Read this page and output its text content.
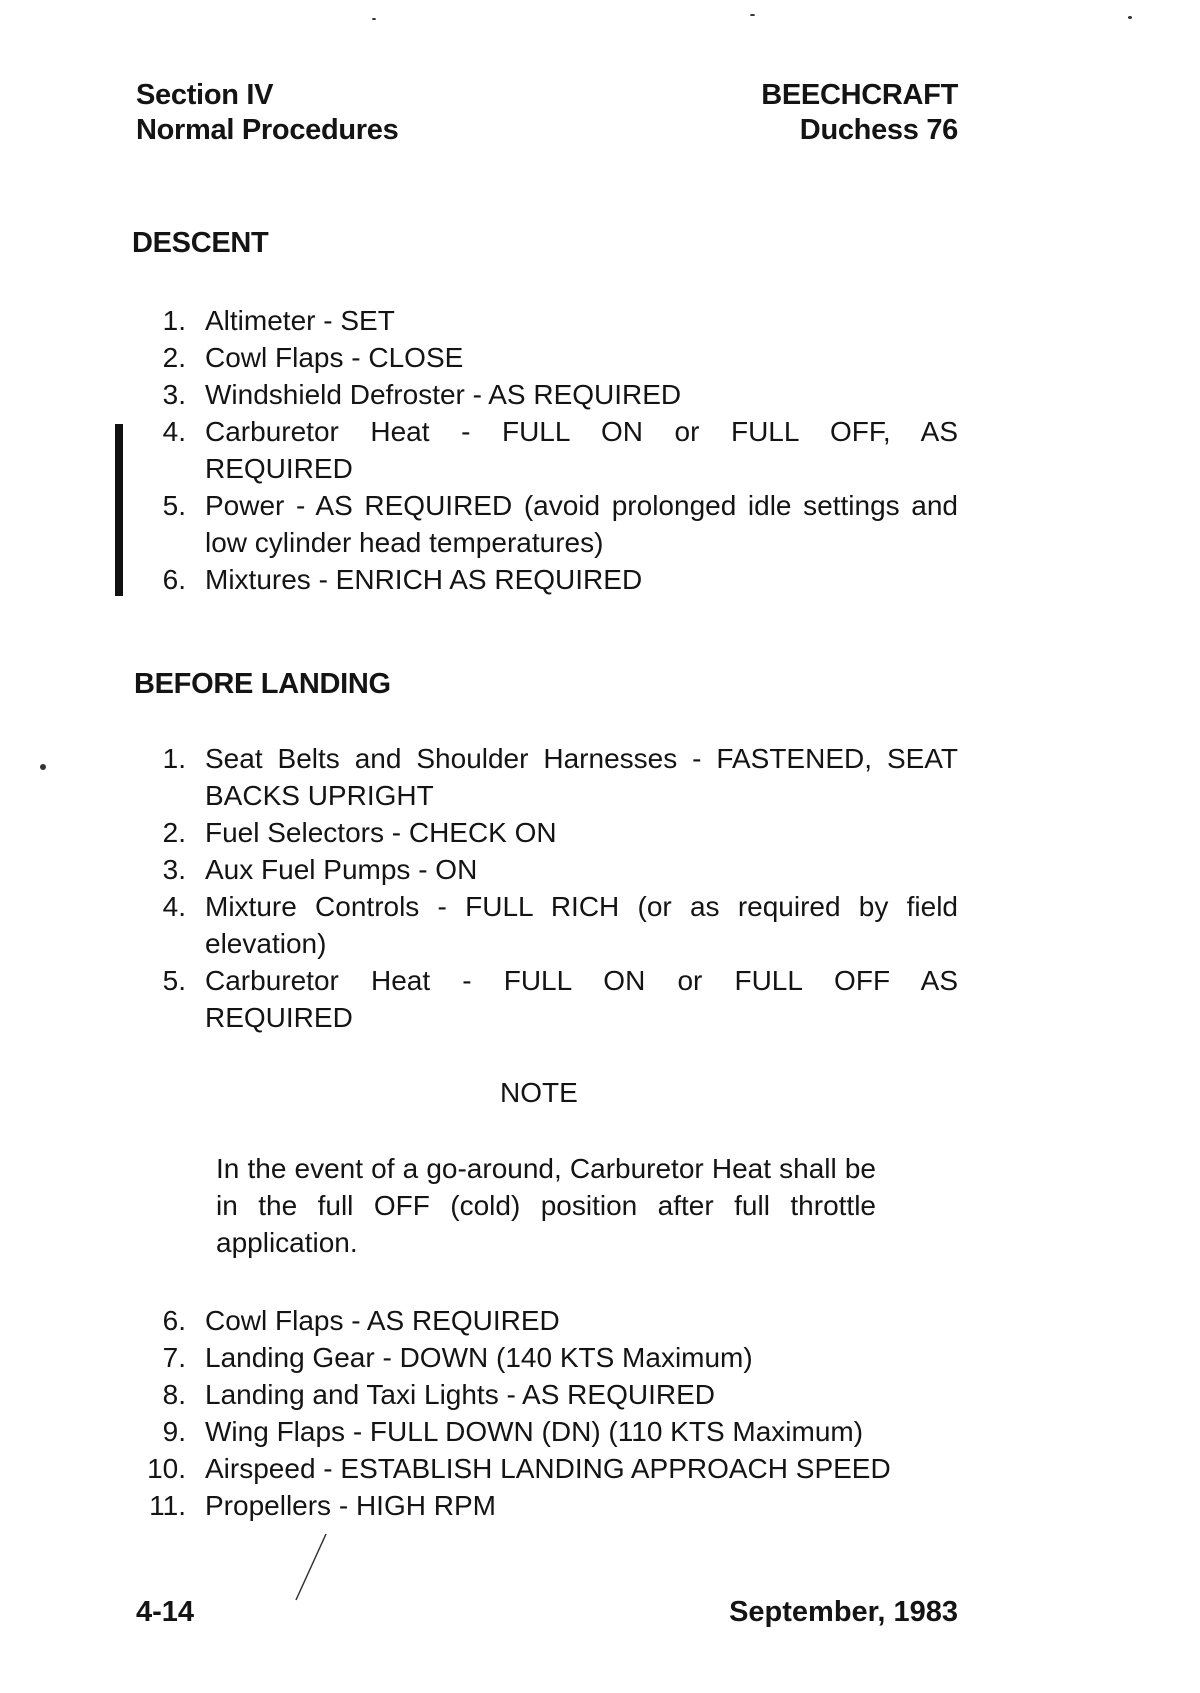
Section IV
Normal Procedures
BEECHCRAFT
Duchess 76
DESCENT
1. Altimeter - SET
2. Cowl Flaps - CLOSE
3. Windshield Defroster - AS REQUIRED
4. Carburetor Heat - FULL ON or FULL OFF, AS REQUIRED
5. Power - AS REQUIRED (avoid prolonged idle settings and low cylinder head temperatures)
6. Mixtures - ENRICH AS REQUIRED
BEFORE LANDING
1. Seat Belts and Shoulder Harnesses - FASTENED, SEAT BACKS UPRIGHT
2. Fuel Selectors - CHECK ON
3. Aux Fuel Pumps - ON
4. Mixture Controls - FULL RICH (or as required by field elevation)
5. Carburetor Heat - FULL ON or FULL OFF AS REQUIRED
NOTE
In the event of a go-around, Carburetor Heat shall be in the full OFF (cold) position after full throttle application.
6. Cowl Flaps - AS REQUIRED
7. Landing Gear - DOWN (140 KTS Maximum)
8. Landing and Taxi Lights - AS REQUIRED
9. Wing Flaps - FULL DOWN (DN) (110 KTS Maximum)
10. Airspeed - ESTABLISH LANDING APPROACH SPEED
11. Propellers - HIGH RPM
4-14	September, 1983
